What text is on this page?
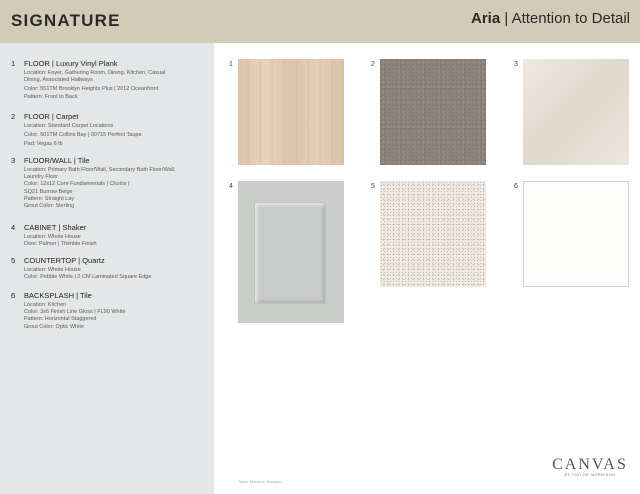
SIGNATURE	Aria | Attention to Detail
1 FLOOR | Luxury Vinyl Plank
Location: Foyer, Gathering Room, Dining, Kitchen, Casual
Dining, Associated Hallways
Color: 551TM Brooklyn Heights Plus | 2012 Oceanfront
Pattern: Front to Back
2 FLOOR | Carpet
Location: Standard Carpet Locations
Color: 501TM Collins Bay | 00715 Perfect Taupe
Pad: Vegas 6 lb
3 FLOOR/WALL | Tile
Location: Primary Bath Floor/Wall, Secondary Bath Floor/Wall,
Laundry Floor
Color: 12x12 Core Fundamentals | Choice |
SQ21 Burrow Beige
Pattern: Straight Lay
Grout Color: Sterling
4 CABINET | Shaker
Location: Whole House
Door: Palmer | Thimble Finish
5 COUNTERTOP | Quartz
Location: Whole House
Color: Pebble White | 2 CM Laminated Square Edge
6 BACKSPLASH | Tile
Location: Kitchen
Color: 3x6 Finish Line Gloss | FL90 White
Pattern: Horizontal Staggered
Grout Color: Optic White
1	2	3
4	5	6
Taylor Morrison Houston
CANVAS
BY TAYLOR MORRISON
